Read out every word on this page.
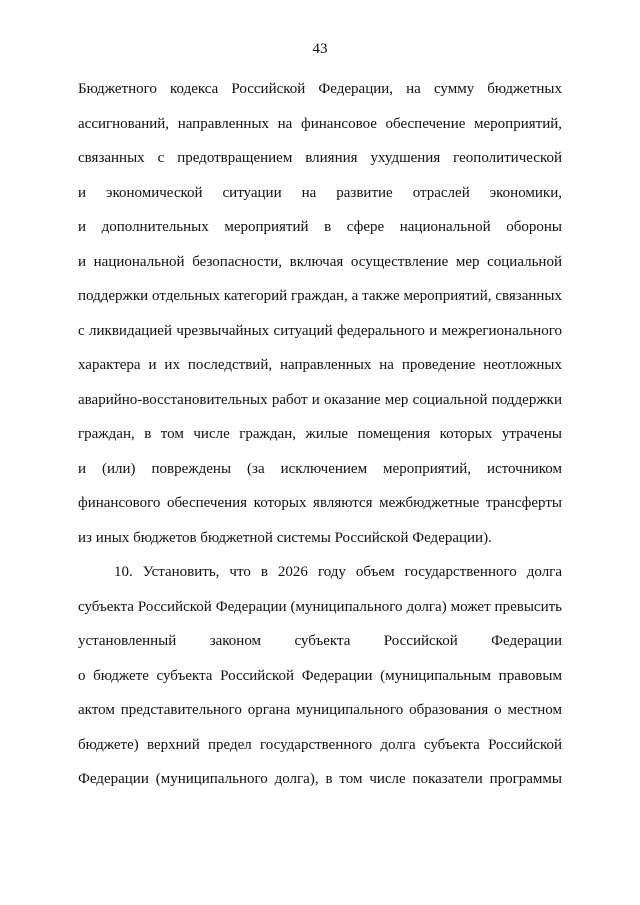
43
Бюджетного кодекса Российской Федерации, на сумму бюджетных
ассигнований, направленных на финансовое обеспечение мероприятий,
связанных с предотвращением влияния ухудшения геополитической
и экономической ситуации на развитие отраслей экономики,
и дополнительных мероприятий в сфере национальной обороны
и национальной безопасности, включая осуществление мер социальной
поддержки отдельных категорий граждан, а также мероприятий, связанных
с ликвидацией чрезвычайных ситуаций федерального и межрегионального
характера и их последствий, направленных на проведение неотложных
аварийно-восстановительных работ и оказание мер социальной поддержки
граждан, в том числе граждан, жилые помещения которых утрачены
и (или) повреждены (за исключением мероприятий, источником
финансового обеспечения которых являются межбюджетные трансферты
из иных бюджетов бюджетной системы Российской Федерации).
10. Установить, что в 2026 году объем государственного долга
субъекта Российской Федерации (муниципального долга) может превысить
установленный законом субъекта Российской Федерации
о бюджете субъекта Российской Федерации (муниципальным правовым
актом представительного органа муниципального образования о местном
бюджете) верхний предел государственного долга субъекта Российской
Федерации (муниципального долга), в том числе показатели программы
